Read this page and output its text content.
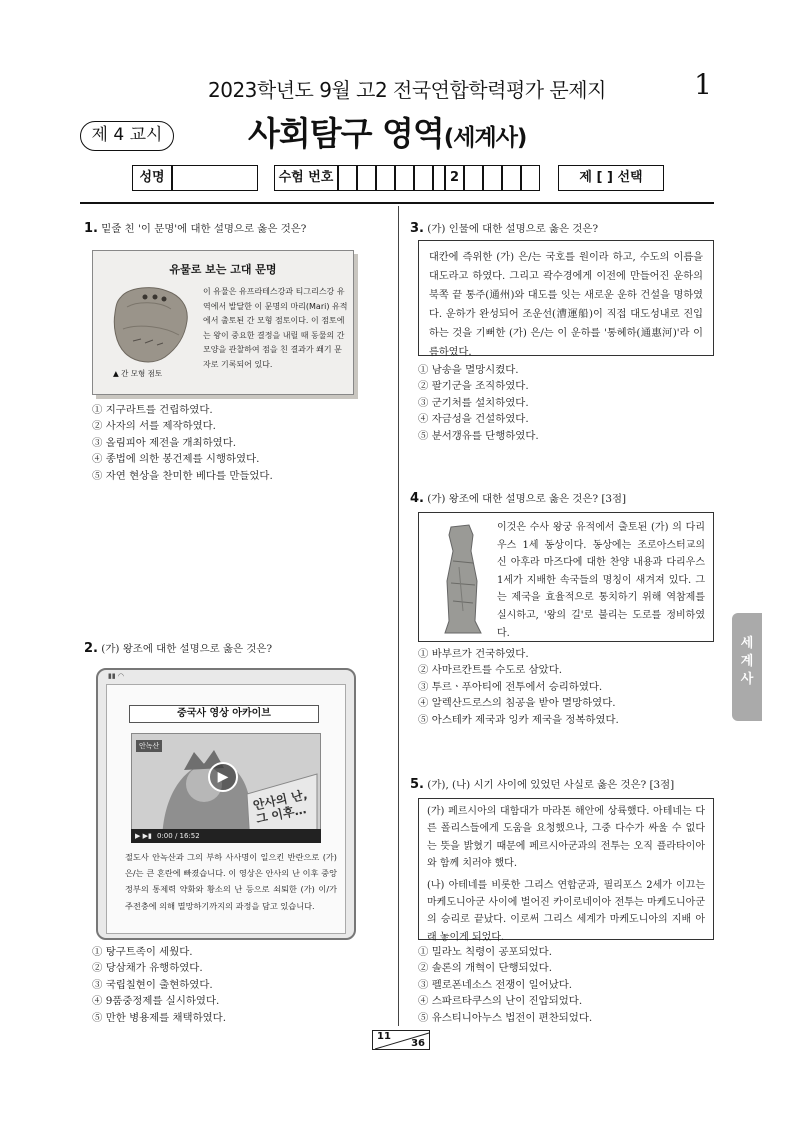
2023학년도 9월 고2 전국연합학력평가 문제지	1
제 4 교시	사회탐구 영역(세계사)
성명	수험 번호	2	제 [ ] 선택
1. 밑줄 친 '이 문명'에 대한 설명으로 옳은 것은?
유물로 보는 고대 문명
이 유물은 유프라테스강과 티그리스강 유역에서 발달한 이 문명의 마리(Mari) 유적에서 출토된 간 모형 점토이다. 이 점토에는 왕이 중요한 결정을 내릴 때 동물의 간 모양을 관찰하여 점을 친 결과가 쐐기 문자로 기록되어 있다.
▲ 간 모형 점토
① 지구라트를 건립하였다.
② 사자의 서를 제작하였다.
③ 올림피아 제전을 개최하였다.
④ 종법에 의한 봉건제를 시행하였다.
⑤ 자연 현상을 찬미한 베다를 만들었다.
2. (가) 왕조에 대한 설명으로 옳은 것은?
▮▮ ◠
중국사 영상 아카이브
안녹산
▶
안사의 난, 그 이후…
▶ ▶▮ 0:00 / 16:52
절도사 안녹산과 그의 부하 사사명이 일으킨 반란으로 (가) 은/는 큰 혼란에 빠졌습니다. 이 영상은 안사의 난 이후 중앙 정부의 통제력 약화와 황소의 난 등으로 쇠퇴한 (가) 이/가 주전충에 의해 멸망하기까지의 과정을 담고 있습니다.
① 탕구트족이 세웠다.
② 당삼채가 유행하였다.
③ 국립칠현이 출현하였다.
④ 9품중정제를 실시하였다.
⑤ 만한 병용제를 채택하였다.
3. (가) 인물에 대한 설명으로 옳은 것은?
대칸에 즉위한 (가) 은/는 국호를 원이라 하고, 수도의 이름을 대도라고 하였다. 그리고 곽수경에게 이전에 만들어진 운하의 북쪽 끝 통주(通州)와 대도를 잇는 새로운 운하 건설을 명하였다. 운하가 완성되어 조운선(漕運船)이 직접 대도성내로 진입하는 것을 기뻐한 (가) 은/는 이 운하를 '통혜하(通惠河)'라 이름하였다.
① 남송을 멸망시켰다.
② 팔기군을 조직하였다.
③ 군기처를 설치하였다.
④ 자금성을 건설하였다.
⑤ 분서갱유를 단행하였다.
4. (가) 왕조에 대한 설명으로 옳은 것은? [3점]
이것은 수사 왕궁 유적에서 출토된 (가) 의 다리우스 1세 동상이다. 동상에는 조로아스터교의 신 아후라 마즈다에 대한 찬양 내용과 다리우스 1세가 지배한 속국들의 명칭이 새겨져 있다. 그는 제국을 효율적으로 통치하기 위해 역참제를 실시하고, '왕의 길'로 불리는 도로를 정비하였다.
① 바부르가 건국하였다.
② 사마르칸트를 수도로 삼았다.
③ 투르ㆍ푸아티에 전투에서 승리하였다.
④ 알렉산드로스의 침공을 받아 멸망하였다.
⑤ 아스테카 제국과 잉카 제국을 정복하였다.
5. (가), (나) 시기 사이에 있었던 사실로 옳은 것은? [3점]
(가) 페르시아의 대함대가 마라톤 해안에 상륙했다. 아테네는 다른 폴리스들에게 도움을 요청했으나, 그중 다수가 싸울 수 없다는 뜻을 밝혔기 때문에 페르시아군과의 전투는 오직 플라타이아와 함께 치러야 했다.
(나) 아테네를 비롯한 그리스 연합군과, 필리포스 2세가 이끄는 마케도니아군 사이에 벌어진 카이로네이아 전투는 마케도니아군의 승리로 끝났다. 이로써 그리스 세계가 마케도니아의 지배 아래 놓이게 되었다.
① 밀라노 칙령이 공포되었다.
② 솔론의 개혁이 단행되었다.
③ 펠로폰네소스 전쟁이 일어났다.
④ 스파르타쿠스의 난이 진압되었다.
⑤ 유스티니아누스 법전이 편찬되었다.
세
계
사
11
36
